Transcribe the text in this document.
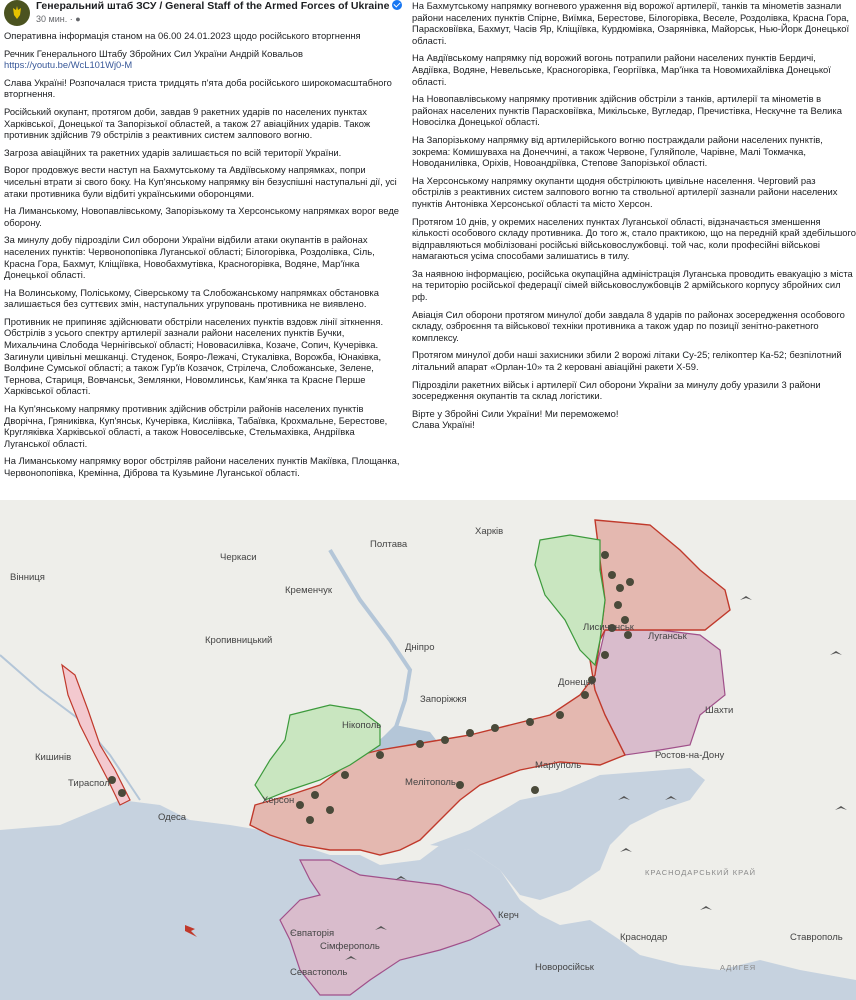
Генеральний штаб ЗСУ / General Staff of the Armed Forces of Ukraine
30 мин. · ●

Оперативна інформація станом на 06.00 24.01.2023 щодо російського вторгнення

Речник Генерального Штабу Збройних Сил України Андрій Ковальов
https://youtu.be/WcL101Wj0-M

Слава Україні! Розпочалася триста тридцять п'ята доба російського широкомасштабного вторгнення.

Російський окупант, протягом доби, завдав 9 ракетних ударів по населених пунктах Харківської, Донецької та Запорізької областей, а також 27 авіаційних ударів. Також противник здійснив 79 обстрілів з реактивних систем залпового вогню.

Загроза авіаційних та ракетних ударів залишається по всій території України.

Ворог продовжує вести наступ на Бахмутському та Авдіївському напрямках, попри чисельні втрати зі свого боку. На Куп'янському напрямку він безуспішні наступальні дії, усі атаки противника були відбиті українськими оборонцями.

На Лиманському, Новопавлівському, Запорізькому та Херсонському напрямках ворог веде оборону.

За минулу добу підрозділи Сил оборони України відбили атаки окупантів в районах населених пунктів: Червонопопівка Луганської області; Білогорівка, Роздолівка, Сіль, Красна Гора, Бахмут, Кліщіївка, Новобахмутівка, Красногорівка, Водяне, Мар'їнка Донецької області.

На Волинському, Поліському, Сіверському та Слобожанському напрямках обстановка залишається без суттєвих змін, наступальних угруповань противника не виявлено.

Противник не припиняє здійснювати обстріли населених пунктів вздовж лінії зіткнення. Обстрілів з усього спектру артилерії зазнали райони населених пунктів Бучки, Михальчина Слобода Чернігівської області; Нововасилівка, Козаче, Сопич, Кучерівка. Загинули цивільні мешканці. Студенок, Бояро-Лежачі, Стукалівка, Ворожба, Юнаківка, Волфине Сумської області; а також Гур'їв Козачок, Стрілеча, Слобожанське, Зелене, Тернова, Стариця, Вовчанськ, Землянки, Новомлинськ, Кам'янка та Красне Перше Харківської області.

На Куп'янському напрямку противник здійснив обстріли районів населених пунктів Дворічна, Гряниківка, Куп'янськ, Кучерівка, Кисліівка, Табаївка, Крохмальне, Берестове, Кругляківка Харківської області, а також Новоселівське, Стельмахівка, Андріївка Луганської області.

На Лиманському напрямку ворог обстріляв райони населених пунктів Макіївка, Площанка, Червонопопівка, Кремінна, Діброва та Кузьмине Луганської області.

На Бахмутському напрямку вогневого ураження від ворожої артилерії, танків та мінометів зазнали райони населених пунктів Спірне, Виїмка, Берестове, Білогорівка, Веселе, Роздолівка, Красна Гора, Парасковіївка, Бахмут, Часів Яр, Кліщіївка, Курдюмівка, Озарянівка, Майорськ, Нью-Йорк Донецької області.

На Авдіївському напрямку під ворожий вогонь потрапили райони населених пунктів Бердичі, Авдіївка, Водяне, Невельське, Красногорівка, Георгіївка, Мар'їнка та Новомихайлівка Донецької області.

На Новопавлівському напрямку противник здійснив обстріли з танків, артилерії та мінометів в районах населених пунктів Парасковіївка, Микільське, Вугледар, Пречистівка, Нескучне та Велика Новосілка Донецької області.

На Запорізькому напрямку від артилерійського вогню постраждали райони населених пунктів, зокрема: Комишуваха на Донеччині, а також Червоне, Гуляйполе, Чарівне, Малі Токмачка, Новоданилівка, Оріхів, Новоандріївка, Степове Запорізької області.

На Херсонському напрямку окупанти щодня обстрілюють цивільне населення. Черговий раз обстрілів з реактивних систем залпового вогню та ствольної артилерії зазнали райони населених пунктів Антонівка Херсонської області та місто Херсон.

Протягом 10 днів, у окремих населених пунктах Луганської області, відзначається зменшення кількості особового складу противника. До того ж, стало практикою, що на передній край здебільшого відправляються мобілізовані російські військовослужбовці. той час, коли професійні військові намагаються усіма способами залишатись в тилу.

За наявною інформацією, російська окупаційна адміністрація Луганська проводить евакуацію з міста на територію російської федерації сімей військовослужбовців 2 армійського корпусу збройних сил рф.

Авіація Сил оборони протягом минулої доби завдала 8 ударів по районах зосередження особового складу, озброєння та військової техніки противника а також удар по позиції зенітно-ракетного комплексу.

Протягом минулої доби наші захисники збили 2 ворожі літаки Су-25; гелікоптер Ка-52; безпілотний літальний апарат «Орлан-10» та 2 керовані авіаційні ракети Х-59.

Підрозділи ракетних військ і артилерії Сил оборони України за минулу добу уразили 3 райони зосередження окупантів та склад логістики.

Вірте у Збройні Сили України! Ми переможемо!

Слава Україні!

Харків
Полтава
Черкаси
Вінниця
Кременчук
Кропивницький
Дніпро
Запоріжжя
Нікополь
Кишинів
Тираспол
Херсон
Одеса
Мелітополь
Маріуполь
Лисичанськ
Луганськ
Донецьк
Шахти
Ростов-на-Дону
Керч
Євпаторія
Сімферополь
Севастополь	Новоросійськ
Краснодар
КРАСНОДАРСЬКИЙ КРАЙ
Ставрополь
АДИГЕЯ
